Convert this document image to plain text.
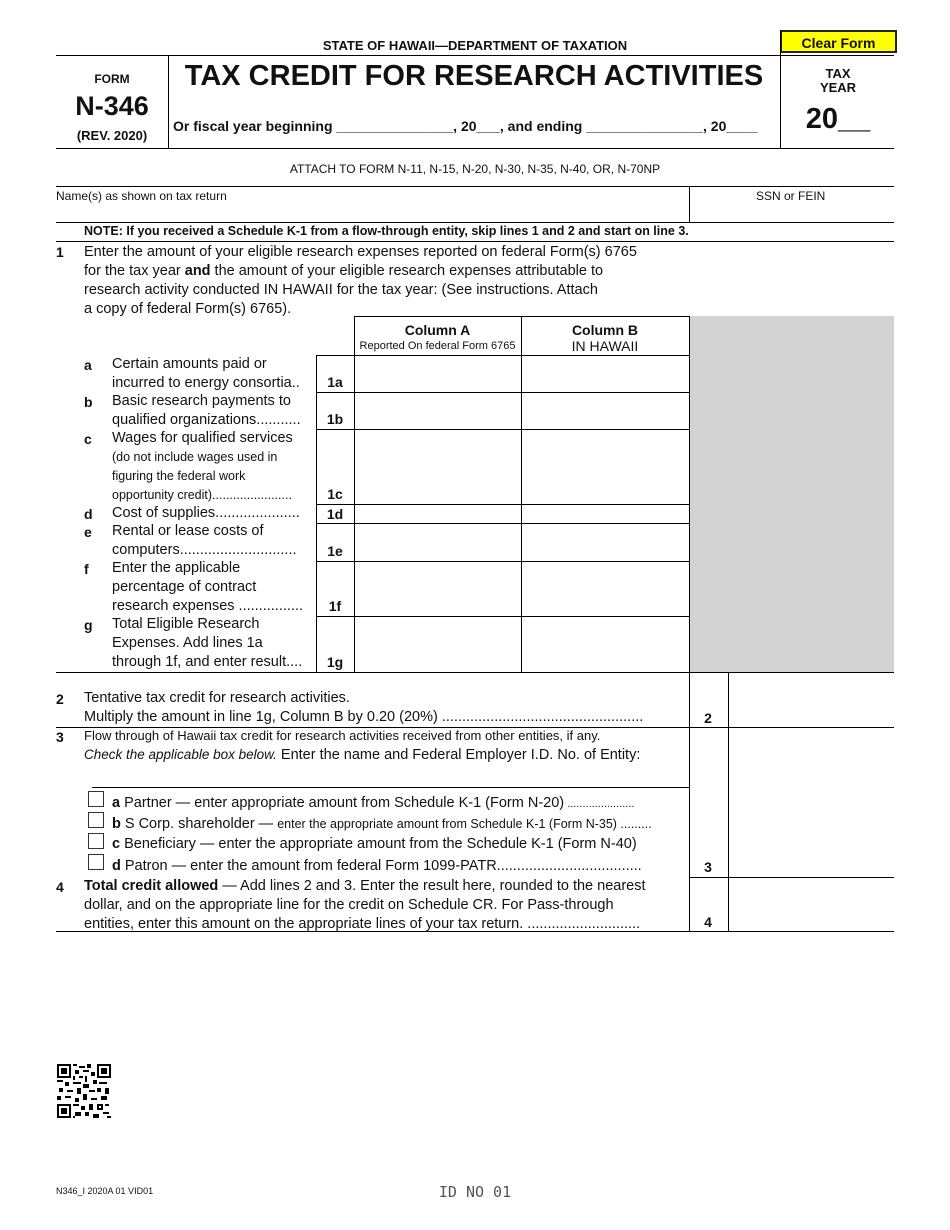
STATE OF HAWAII—DEPARTMENT OF TAXATION	Clear Form
FORM
N-346
(REV. 2020)
TAX CREDIT FOR RESEARCH ACTIVITIES
Or fiscal year beginning _______________, 20___, and ending _______________, 20____
TAX
YEAR
20__
ATTACH TO FORM N-11, N-15, N-20, N-30, N-35, N-40, OR, N-70NP
Name(s) as shown on tax return	SSN or FEIN
NOTE: If you received a Schedule K-1 from a flow-through entity, skip lines 1 and 2 and start on line 3.
1 Enter the amount of your eligible research expenses reported on federal Form(s) 6765
for the tax year and the amount of your eligible research expenses attributable to
research activity conducted IN HAWAII for the tax year: (See instructions. Attach
a copy of federal Form(s) 6765).
Column A
Reported On federal Form 6765
Column B
IN HAWAII
a Certain amounts paid or
incurred to energy consortia..	1a
b Basic research payments to
qualified organizations...........	1b
c Wages for qualified services
(do not include wages used in
figuring the federal work
opportunity credit).......................	1c
d Cost of supplies.....................	1d
e Rental or lease costs of
computers.............................	1e
f Enter the applicable
percentage of contract
research expenses ................	1f
g Total Eligible Research
Expenses. Add lines 1a
through 1f, and enter result....	1g
2 Tentative tax credit for research activities.
Multiply the amount in line 1g, Column B by 0.20 (20%) ..................................................	2
3 Flow through of Hawaii tax credit for research activities received from other entities, if any.
Check the applicable box below. Enter the name and Federal Employer I.D. No. of Entity:
a Partner — enter appropriate amount from Schedule K-1 (Form N-20) ......................
b S Corp. shareholder — enter the appropriate amount from Schedule K-1 (Form N-35) .........
c Beneficiary — enter the appropriate amount from the Schedule K-1 (Form N-40)
d Patron — enter the amount from federal Form 1099-PATR....................................	3
4 Total credit allowed — Add lines 2 and 3. Enter the result here, rounded to the nearest
dollar, and on the appropriate line for the credit on Schedule CR. For Pass-through
entities, enter this amount on the appropriate lines of your tax return. ............................	4
N346_I 2020A 01 VID01	ID NO 01
